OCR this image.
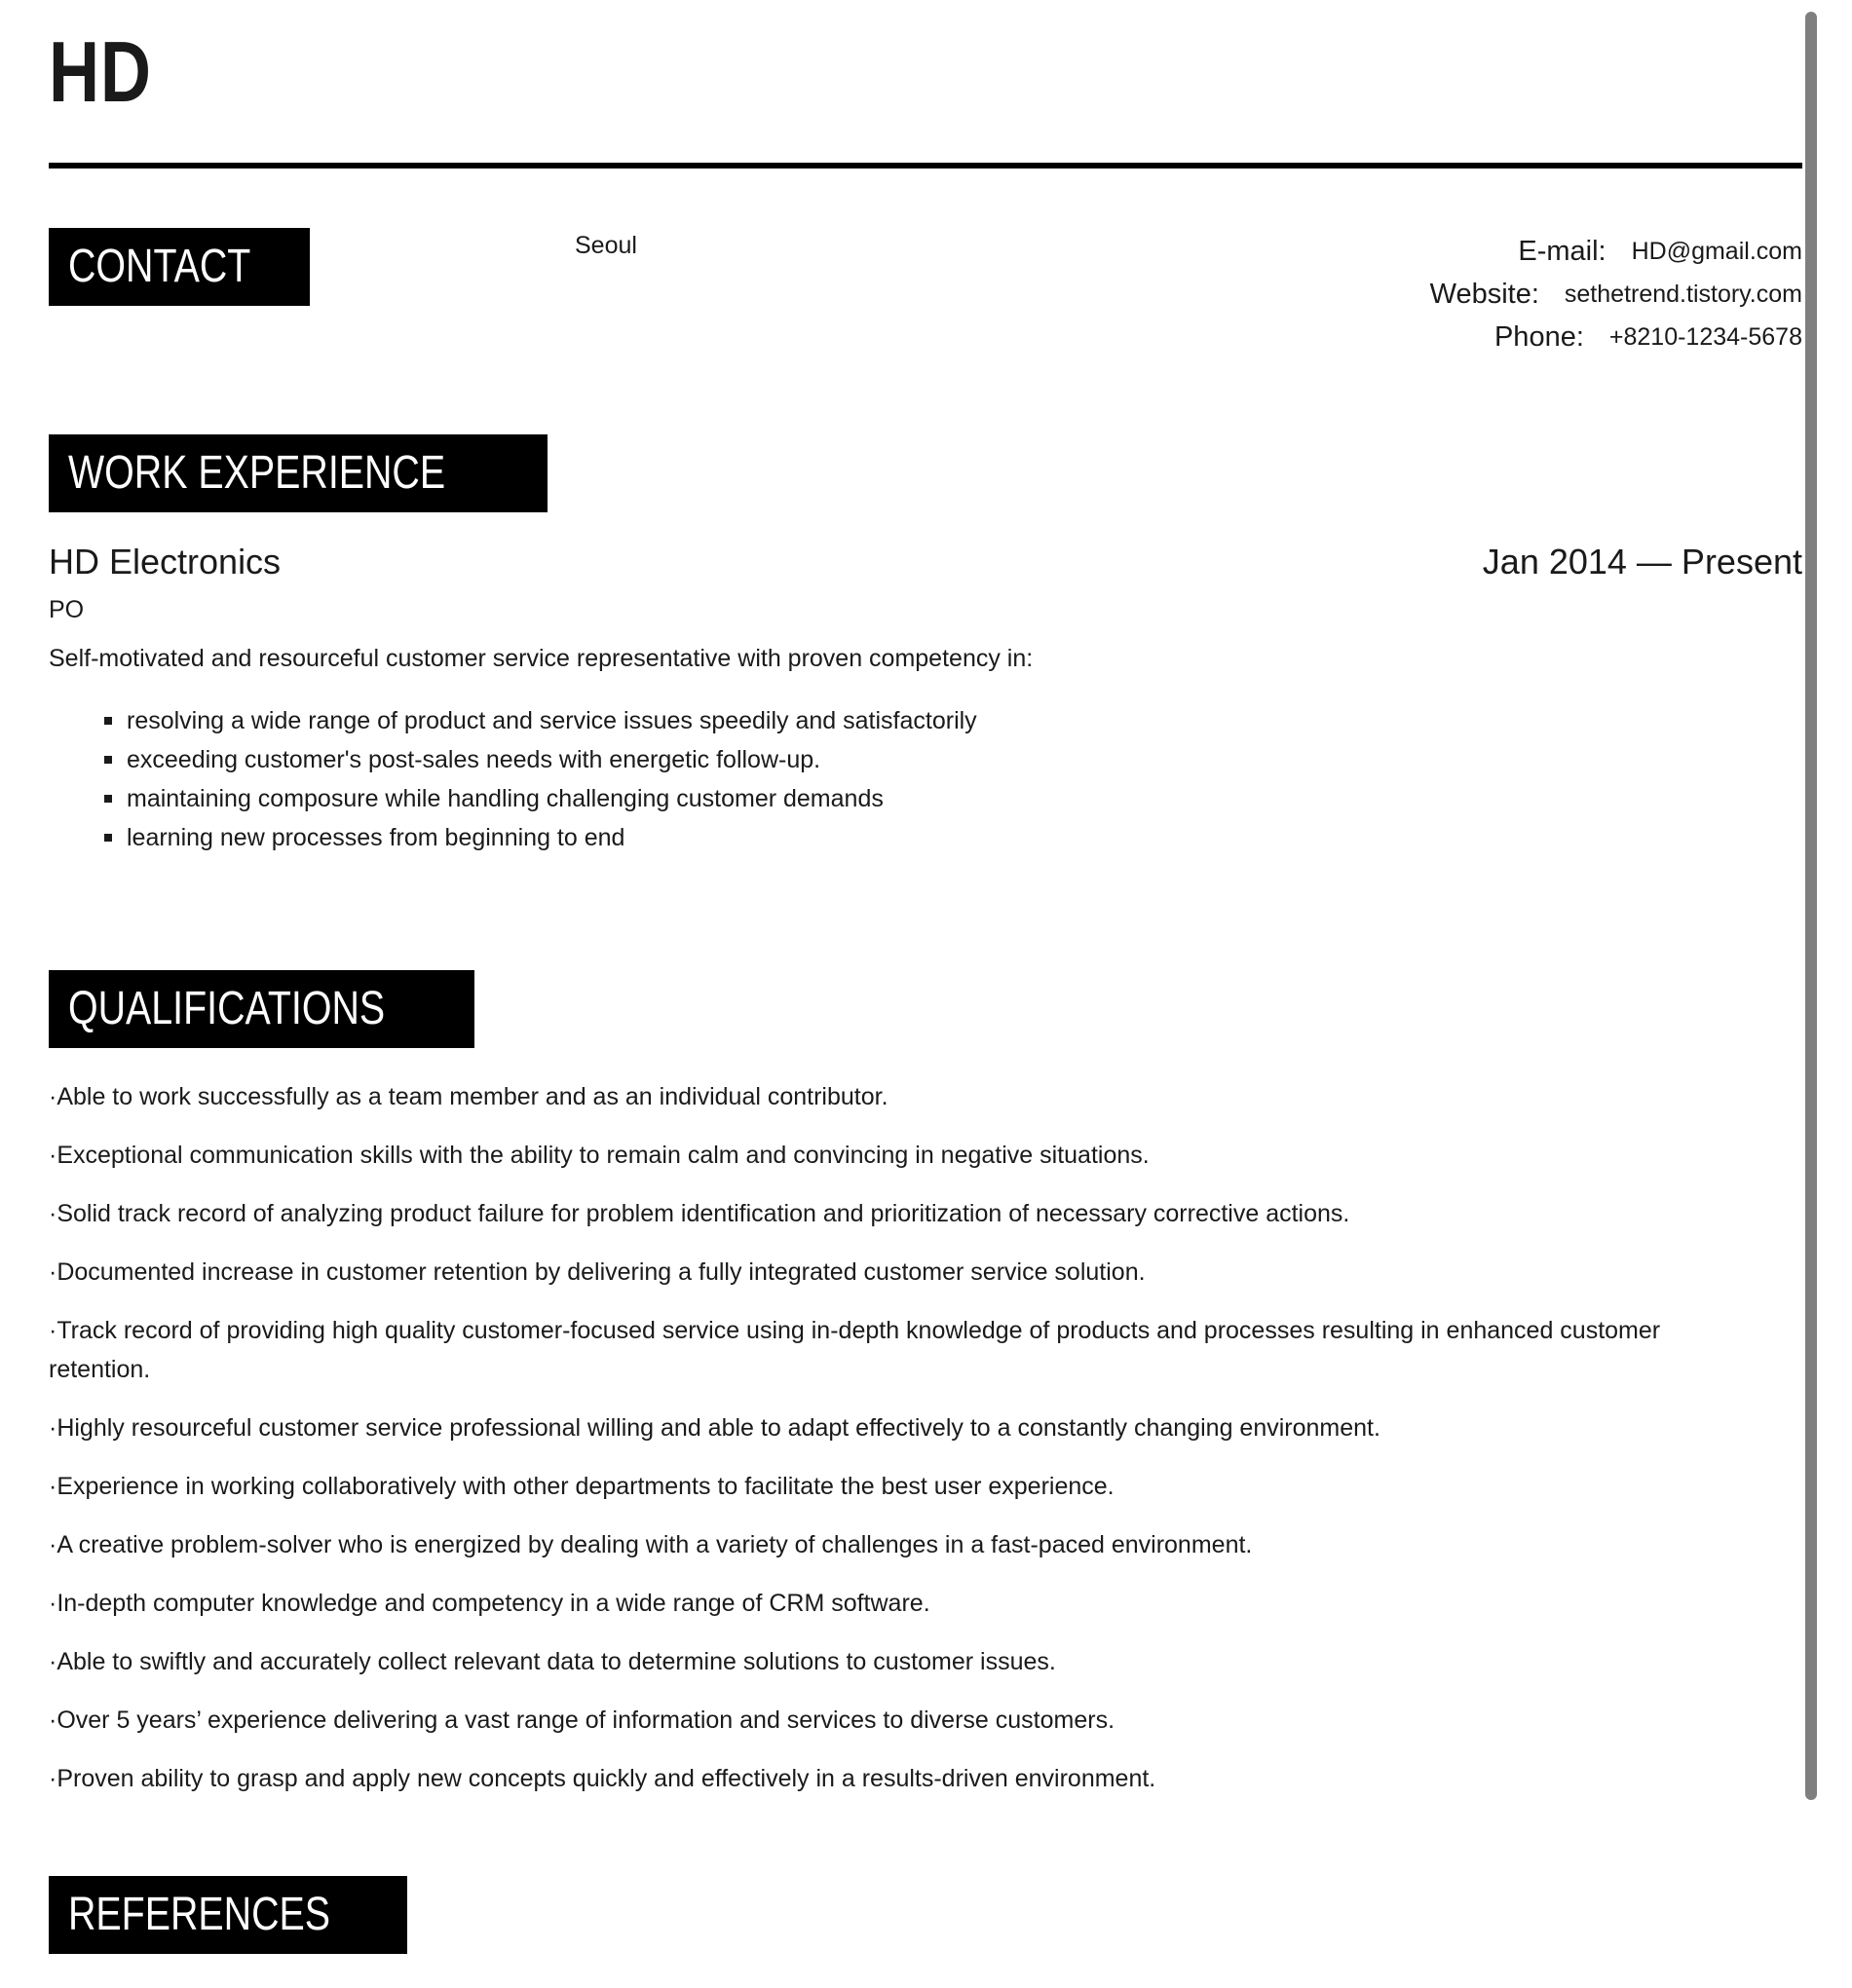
HD
CONTACT	Seoul	E-mail: HD@gmail.com
Website: sethetrend.tistory.com
Phone: +8210-1234-5678
WORK EXPERIENCE
HD Electronics	Jan 2014 — Present
PO
Self-motivated and resourceful customer service representative with proven competency in:
resolving a wide range of product and service issues speedily and satisfactorily
exceeding customer's post-sales needs with energetic follow-up.
maintaining composure while handling challenging customer demands
learning new processes from beginning to end
QUALIFICATIONS

·Able to work successfully as a team member and as an individual contributor.

·Exceptional communication skills with the ability to remain calm and convincing in negative situations.

·Solid track record of analyzing product failure for problem identification and prioritization of necessary corrective actions.

·Documented increase in customer retention by delivering a fully integrated customer service solution.

·Track record of providing high quality customer-focused service using in-depth knowledge of products and processes resulting in enhanced customer retention.

·Highly resourceful customer service professional willing and able to adapt effectively to a constantly changing environment.

·Experience in working collaboratively with other departments to facilitate the best user experience.

·A creative problem-solver who is energized by dealing with a variety of challenges in a fast-paced environment.

·In-depth computer knowledge and competency in a wide range of CRM software.

·Able to swiftly and accurately collect relevant data to determine solutions to customer issues.

·Over 5 years’ experience delivering a vast range of information and services to diverse customers.

·Proven ability to grasp and apply new concepts quickly and effectively in a results-driven environment.

REFERENCES
